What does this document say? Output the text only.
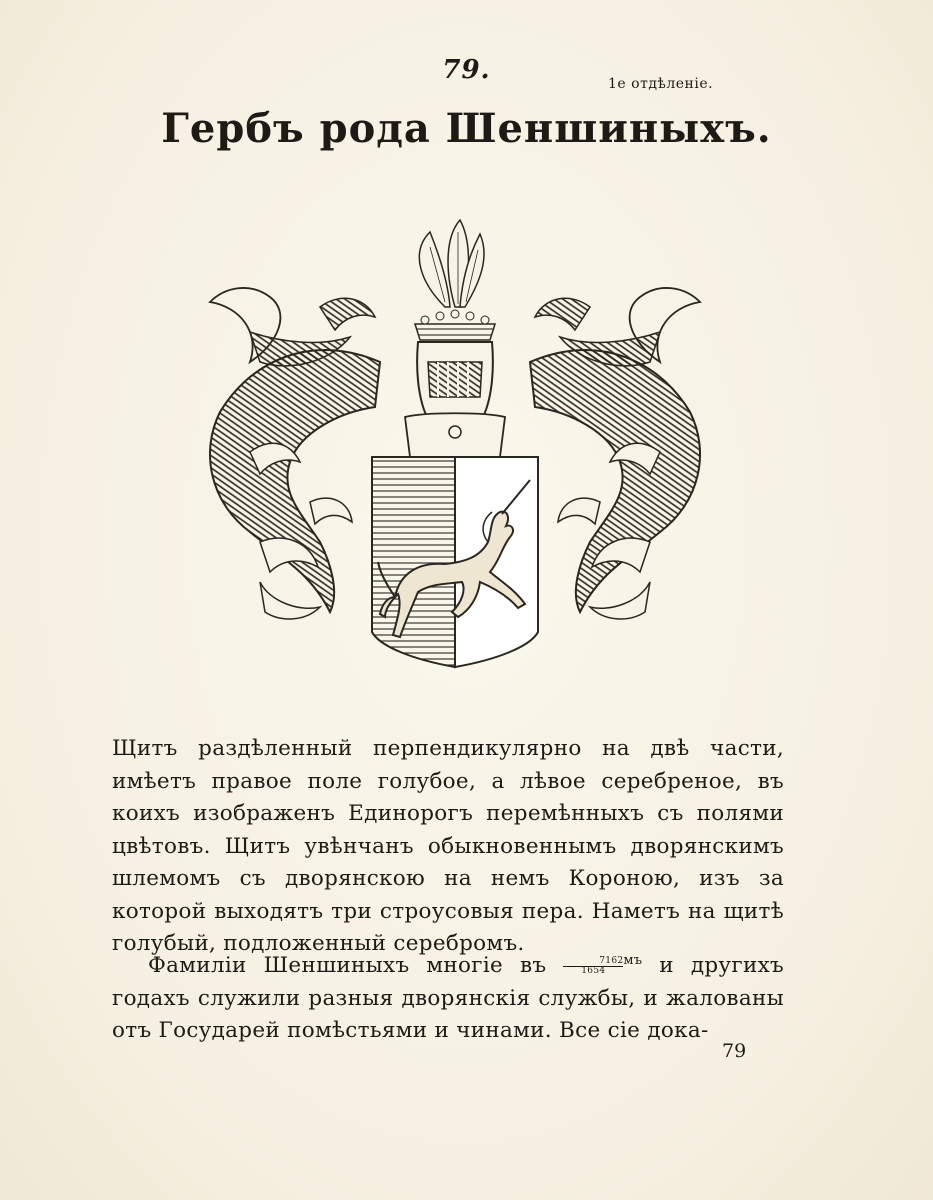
79.	1е отдѣленiе.
Гербъ рода Шеншиныхъ.
Щитъ раздѣленный перпендикулярно на двѣ части, имѣетъ правое поле голубое, а лѣвое серебреное, въ коихъ изображенъ Единорогъ перемѣнныхъ съ полями цвѣтовъ. Щитъ увѣнчанъ обыкновеннымъ дворянскимъ шлемомъ съ дворянскою на немъ Короною, изъ за которой выходятъ три строусовыя пера. Наметъ на щитѣ голубый, подложенный серебромъ.
Фамилiи Шеншиныхъ многiе въ $\frac{7162}{1654}^{мъ}$ и другихъ годахъ служили разныя дворянскiя службы, и жалованы отъ Государей помѣстьями и чинами. Все сiе дока-
79
